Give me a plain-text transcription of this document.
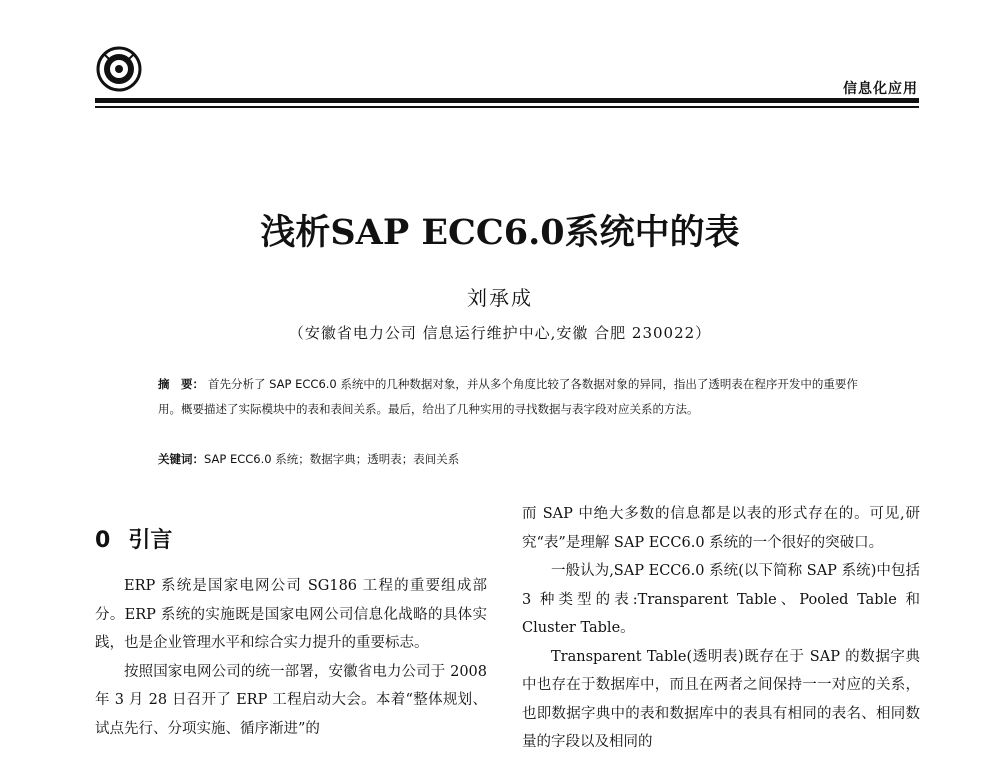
信息化应用
浅析SAP ECC6.0系统中的表
刘承成
（安徽省电力公司 信息运行维护中心,安徽 合肥 230022）
摘　要： 首先分析了 SAP ECC6.0 系统中的几种数据对象，并从多个角度比较了各数据对象的异同，指出了透明表在程序开发中的重要作用。概要描述了实际模块中的表和表间关系。最后，给出了几种实用的寻找数据与表字段对应关系的方法。
关键词：SAP ECC6.0 系统；数据字典；透明表；表间关系
0 引言

ERP 系统是国家电网公司 SG186 工程的重要组成部分。ERP 系统的实施既是国家电网公司信息化战略的具体实践，也是企业管理水平和综合实力提升的重要标志。

按照国家电网公司的统一部署，安徽省电力公司于 2008 年 3 月 28 日召开了 ERP 工程启动大会。本着“整体规划、试点先行、分项实施、循序渐进”的

而 SAP 中绝大多数的信息都是以表的形式存在的。可见,研究“表”是理解 SAP ECC6.0 系统的一个很好的突破口。

一般认为,SAP ECC6.0 系统(以下简称 SAP 系统)中包括 3 种类型的表:Transparent Table、Pooled Table 和 Cluster Table。

Transparent Table(透明表)既存在于 SAP 的数据字典中也存在于数据库中，而且在两者之间保持一一对应的关系，也即数据字典中的表和数据库中的表具有相同的表名、相同数量的字段以及相同的
